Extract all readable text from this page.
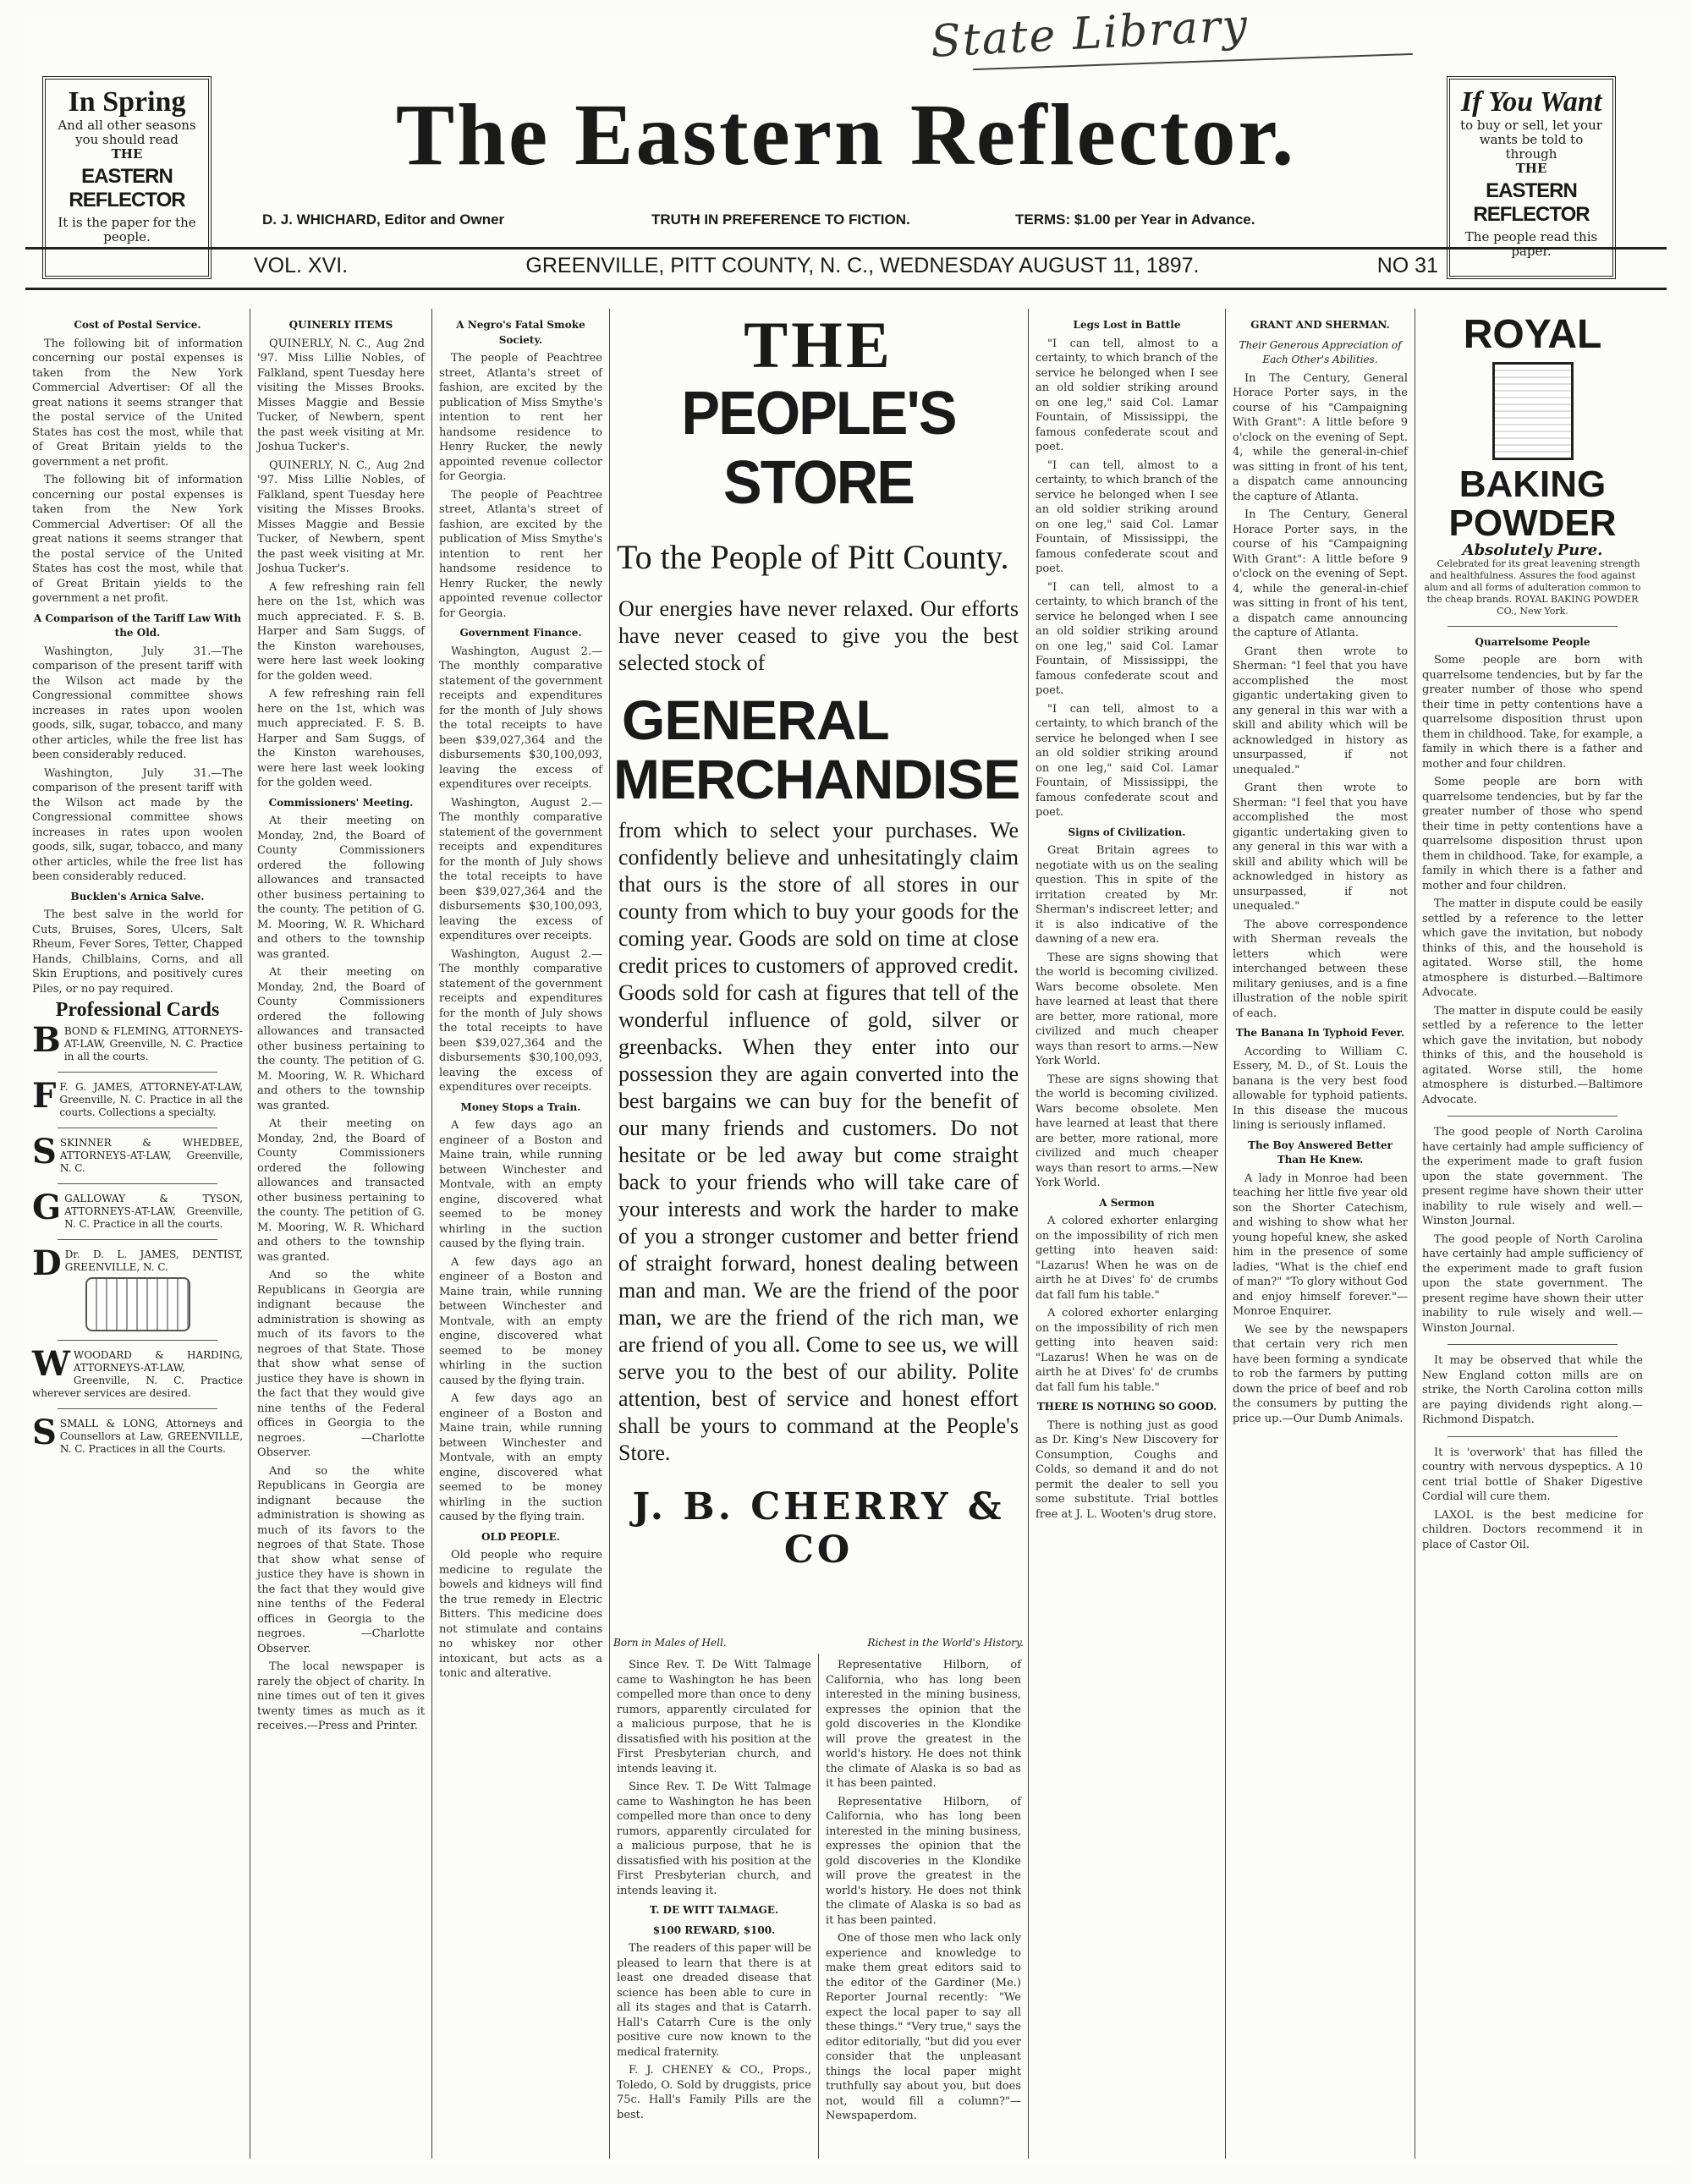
State Library
In Spring
And all other seasons
you should read
THE
EASTERN REFLECTOR
It is the paper for the
people.
If You Want
to buy or sell, let your
wants be told to through
THE
EASTERN REFLECTOR
The people read this
paper.
The Eastern Reflector.
D. J. WHICHARD, Editor and Owner	TRUTH IN PREFERENCE TO FICTION.	TERMS: $1.00 per Year in Advance.
VOL. XVI.	GREENVILLE, PITT COUNTY, N. C., WEDNESDAY AUGUST 11, 1897.	NO 31
Cost of Postal Service.

The following bit of information concerning our postal expenses is taken from the New York Commercial Advertiser: Of all the great nations it seems stranger that the postal service of the United States has cost the most, while that of Great Britain yields to the government a net profit.

The following bit of information concerning our postal expenses is taken from the New York Commercial Advertiser: Of all the great nations it seems stranger that the postal service of the United States has cost the most, while that of Great Britain yields to the government a net profit.

A Comparison of the Tariff Law With the Old.

Washington, July 31.—The comparison of the present tariff with the Wilson act made by the Congressional committee shows increases in rates upon woolen goods, silk, sugar, tobacco, and many other articles, while the free list has been considerably reduced.

Washington, July 31.—The comparison of the present tariff with the Wilson act made by the Congressional committee shows increases in rates upon woolen goods, silk, sugar, tobacco, and many other articles, while the free list has been considerably reduced.

Bucklen's Arnica Salve.

The best salve in the world for Cuts, Bruises, Sores, Ulcers, Salt Rheum, Fever Sores, Tetter, Chapped Hands, Chilblains, Corns, and all Skin Eruptions, and positively cures Piles, or no pay required.

Professional Cards
BBOND & FLEMING, ATTORNEYS-AT-LAW, Greenville, N. C. Practice in all the courts.
F F. G. JAMES, ATTORNEY-AT-LAW, Greenville, N. C. Practice in all the courts. Collections a specialty.
SSKINNER & WHEDBEE, ATTORNEYS-AT-LAW, Greenville, N. C.
GGALLOWAY & TYSON, ATTORNEYS-AT-LAW, Greenville, N. C. Practice in all the courts.
D Dr. D. L. JAMES, DENTIST, GREENVILLE, N. C.
WWOODARD & HARDING, ATTORNEYS-AT-LAW, Greenville, N. C. Practice wherever services are desired.
SSMALL & LONG, Attorneys and Counsellors at Law, GREENVILLE, N. C. Practices in all the Courts.
QUINERLY ITEMS

QUINERLY, N. C., Aug 2nd '97. Miss Lillie Nobles, of Falkland, spent Tuesday here visiting the Misses Brooks. Misses Maggie and Bessie Tucker, of Newbern, spent the past week visiting at Mr. Joshua Tucker's.

QUINERLY, N. C., Aug 2nd '97. Miss Lillie Nobles, of Falkland, spent Tuesday here visiting the Misses Brooks. Misses Maggie and Bessie Tucker, of Newbern, spent the past week visiting at Mr. Joshua Tucker's.

A few refreshing rain fell here on the 1st, which was much appreciated. F. S. B. Harper and Sam Suggs, of the Kinston warehouses, were here last week looking for the golden weed.

A few refreshing rain fell here on the 1st, which was much appreciated. F. S. B. Harper and Sam Suggs, of the Kinston warehouses, were here last week looking for the golden weed.

Commissioners' Meeting.

At their meeting on Monday, 2nd, the Board of County Commissioners ordered the following allowances and transacted other business pertaining to the county. The petition of G. M. Mooring, W. R. Whichard and others to the township was granted.

At their meeting on Monday, 2nd, the Board of County Commissioners ordered the following allowances and transacted other business pertaining to the county. The petition of G. M. Mooring, W. R. Whichard and others to the township was granted.

At their meeting on Monday, 2nd, the Board of County Commissioners ordered the following allowances and transacted other business pertaining to the county. The petition of G. M. Mooring, W. R. Whichard and others to the township was granted.

And so the white Republicans in Georgia are indignant because the administration is showing as much of its favors to the negroes of that State. Those that show what sense of justice they have is shown in the fact that they would give nine tenths of the Federal offices in Georgia to the negroes. —Charlotte Observer.

And so the white Republicans in Georgia are indignant because the administration is showing as much of its favors to the negroes of that State. Those that show what sense of justice they have is shown in the fact that they would give nine tenths of the Federal offices in Georgia to the negroes. —Charlotte Observer.

The local newspaper is rarely the object of charity. In nine times out of ten it gives twenty times as much as it receives.—Press and Printer.

A Negro's Fatal Smoke Society.

The people of Peachtree street, Atlanta's street of fashion, are excited by the publication of Miss Smythe's intention to rent her handsome residence to Henry Rucker, the newly appointed revenue collector for Georgia.

The people of Peachtree street, Atlanta's street of fashion, are excited by the publication of Miss Smythe's intention to rent her handsome residence to Henry Rucker, the newly appointed revenue collector for Georgia.

Government Finance.

Washington, August 2.—The monthly comparative statement of the government receipts and expenditures for the month of July shows the total receipts to have been $39,027,364 and the disbursements $30,100,093, leaving the excess of expenditures over receipts.

Washington, August 2.—The monthly comparative statement of the government receipts and expenditures for the month of July shows the total receipts to have been $39,027,364 and the disbursements $30,100,093, leaving the excess of expenditures over receipts.

Washington, August 2.—The monthly comparative statement of the government receipts and expenditures for the month of July shows the total receipts to have been $39,027,364 and the disbursements $30,100,093, leaving the excess of expenditures over receipts.

Money Stops a Train.

A few days ago an engineer of a Boston and Maine train, while running between Winchester and Montvale, with an empty engine, discovered what seemed to be money whirling in the suction caused by the flying train.

A few days ago an engineer of a Boston and Maine train, while running between Winchester and Montvale, with an empty engine, discovered what seemed to be money whirling in the suction caused by the flying train.

A few days ago an engineer of a Boston and Maine train, while running between Winchester and Montvale, with an empty engine, discovered what seemed to be money whirling in the suction caused by the flying train.

OLD PEOPLE.

Old people who require medicine to regulate the bowels and kidneys will find the true remedy in Electric Bitters. This medicine does not stimulate and contains no whiskey nor other intoxicant, but acts as a tonic and alterative.

THE
PEOPLE'S STORE
To the People of Pitt County.
Our energies have never relaxed. Our efforts have never ceased to give you the best selected stock of
GENERAL
MERCHANDISE
from which to select your purchases. We confidently believe and unhesitatingly claim that ours is the store of all stores in our county from which to buy your goods for the coming year. Goods are sold on time at close credit prices to customers of approved credit. Goods sold for cash at figures that tell of the wonderful influence of gold, silver or greenbacks. When they enter into our possession they are again converted into the best bargains we can buy for the benefit of our many friends and customers. Do not hesitate or be led away but come straight back to your friends who will take care of your interests and work the harder to make of you a stronger customer and better friend of straight forward, honest dealing between man and man. We are the friend of the poor man, we are the friend of the rich man, we are friend of you all. Come to see us, we will serve you to the best of our ability. Polite attention, best of service and honest effort shall be yours to command at the People's Store.
J. B. CHERRY & CO
Born in Males of Hell.	Richest in the World's History.

Since Rev. T. De Witt Talmage came to Washington he has been compelled more than once to deny rumors, apparently circulated for a malicious purpose, that he is dissatisfied with his position at the First Presbyterian church, and intends leaving it.

Since Rev. T. De Witt Talmage came to Washington he has been compelled more than once to deny rumors, apparently circulated for a malicious purpose, that he is dissatisfied with his position at the First Presbyterian church, and intends leaving it.

T. DE WITT TALMAGE.
$100 REWARD, $100.

The readers of this paper will be pleased to learn that there is at least one dreaded disease that science has been able to cure in all its stages and that is Catarrh. Hall's Catarrh Cure is the only positive cure now known to the medical fraternity.

F. J. CHENEY & CO., Props., Toledo, O. Sold by druggists, price 75c. Hall's Family Pills are the best.

Representative Hilborn, of California, who has long been interested in the mining business, expresses the opinion that the gold discoveries in the Klondike will prove the greatest in the world's history. He does not think the climate of Alaska is so bad as it has been painted.

Representative Hilborn, of California, who has long been interested in the mining business, expresses the opinion that the gold discoveries in the Klondike will prove the greatest in the world's history. He does not think the climate of Alaska is so bad as it has been painted.

One of those men who lack only experience and knowledge to make them great editors said to the editor of the Gardiner (Me.) Reporter Journal recently: "We expect the local paper to say all these things." "Very true," says the editor editorially, "but did you ever consider that the unpleasant things the local paper might truthfully say about you, but does not, would fill a column?"—Newspaperdom.

Legs Lost in Battle

"I can tell, almost to a certainty, to which branch of the service he belonged when I see an old soldier striking around on one leg," said Col. Lamar Fountain, of Mississippi, the famous confederate scout and poet.

"I can tell, almost to a certainty, to which branch of the service he belonged when I see an old soldier striking around on one leg," said Col. Lamar Fountain, of Mississippi, the famous confederate scout and poet.

"I can tell, almost to a certainty, to which branch of the service he belonged when I see an old soldier striking around on one leg," said Col. Lamar Fountain, of Mississippi, the famous confederate scout and poet.

"I can tell, almost to a certainty, to which branch of the service he belonged when I see an old soldier striking around on one leg," said Col. Lamar Fountain, of Mississippi, the famous confederate scout and poet.

Signs of Civilization.

Great Britain agrees to negotiate with us on the sealing question. This in spite of the irritation created by Mr. Sherman's indiscreet letter; and it is also indicative of the dawning of a new era.

These are signs showing that the world is becoming civilized. Wars become obsolete. Men have learned at least that there are better, more rational, more civilized and much cheaper ways than resort to arms.—New York World.

These are signs showing that the world is becoming civilized. Wars become obsolete. Men have learned at least that there are better, more rational, more civilized and much cheaper ways than resort to arms.—New York World.

A Sermon

A colored exhorter enlarging on the impossibility of rich men getting into heaven said: "Lazarus! When he was on de airth he at Dives' fo' de crumbs dat fall fum his table."

A colored exhorter enlarging on the impossibility of rich men getting into heaven said: "Lazarus! When he was on de airth he at Dives' fo' de crumbs dat fall fum his table."

THERE IS NOTHING SO GOOD.

There is nothing just as good as Dr. King's New Discovery for Consumption, Coughs and Colds, so demand it and do not permit the dealer to sell you some substitute. Trial bottles free at J. L. Wooten's drug store.

GRANT AND SHERMAN.
Their Generous Appreciation of Each Other's Abilities.

In The Century, General Horace Porter says, in the course of his "Campaigning With Grant": A little before 9 o'clock on the evening of Sept. 4, while the general-in-chief was sitting in front of his tent, a dispatch came announcing the capture of Atlanta.

In The Century, General Horace Porter says, in the course of his "Campaigning With Grant": A little before 9 o'clock on the evening of Sept. 4, while the general-in-chief was sitting in front of his tent, a dispatch came announcing the capture of Atlanta.

Grant then wrote to Sherman: "I feel that you have accomplished the most gigantic undertaking given to any general in this war with a skill and ability which will be acknowledged in history as unsurpassed, if not unequaled."

Grant then wrote to Sherman: "I feel that you have accomplished the most gigantic undertaking given to any general in this war with a skill and ability which will be acknowledged in history as unsurpassed, if not unequaled."

The above correspondence with Sherman reveals the letters which were interchanged between these military geniuses, and is a fine illustration of the noble spirit of each.

The Banana In Typhoid Fever.

According to William C. Essery, M. D., of St. Louis the banana is the very best food allowable for typhoid patients. In this disease the mucous lining is seriously inflamed.

The Boy Answered Better Than He Knew.

A lady in Monroe had been teaching her little five year old son the Shorter Catechism, and wishing to show what her young hopeful knew, she asked him in the presence of some ladies, "What is the chief end of man?" "To glory without God and enjoy himself forever."—Monroe Enquirer.

We see by the newspapers that certain very rich men have been forming a syndicate to rob the farmers by putting down the price of beef and rob the consumers by putting the price up.—Our Dumb Animals.

ROYAL
BAKING
POWDER
Absolutely Pure.

Celebrated for its great leavening strength and healthfulness. Assures the food against alum and all forms of adulteration common to the cheap brands. ROYAL BAKING POWDER CO., New York.

Quarrelsome People

Some people are born with quarrelsome tendencies, but by far the greater number of those who spend their time in petty contentions have a quarrelsome disposition thrust upon them in childhood. Take, for example, a family in which there is a father and mother and four children.

Some people are born with quarrelsome tendencies, but by far the greater number of those who spend their time in petty contentions have a quarrelsome disposition thrust upon them in childhood. Take, for example, a family in which there is a father and mother and four children.

The matter in dispute could be easily settled by a reference to the letter which gave the invitation, but nobody thinks of this, and the household is agitated. Worse still, the home atmosphere is disturbed.—Baltimore Advocate.

The matter in dispute could be easily settled by a reference to the letter which gave the invitation, but nobody thinks of this, and the household is agitated. Worse still, the home atmosphere is disturbed.—Baltimore Advocate.

The good people of North Carolina have certainly had ample sufficiency of the experiment made to graft fusion upon the state government. The present regime have shown their utter inability to rule wisely and well.—Winston Journal.

The good people of North Carolina have certainly had ample sufficiency of the experiment made to graft fusion upon the state government. The present regime have shown their utter inability to rule wisely and well.—Winston Journal.

It may be observed that while the New England cotton mills are on strike, the North Carolina cotton mills are paying dividends right along.—Richmond Dispatch.

It is 'overwork' that has filled the country with nervous dyspeptics. A 10 cent trial bottle of Shaker Digestive Cordial will cure them.

LAXOL is the best medicine for children. Doctors recommend it in place of Castor Oil.
